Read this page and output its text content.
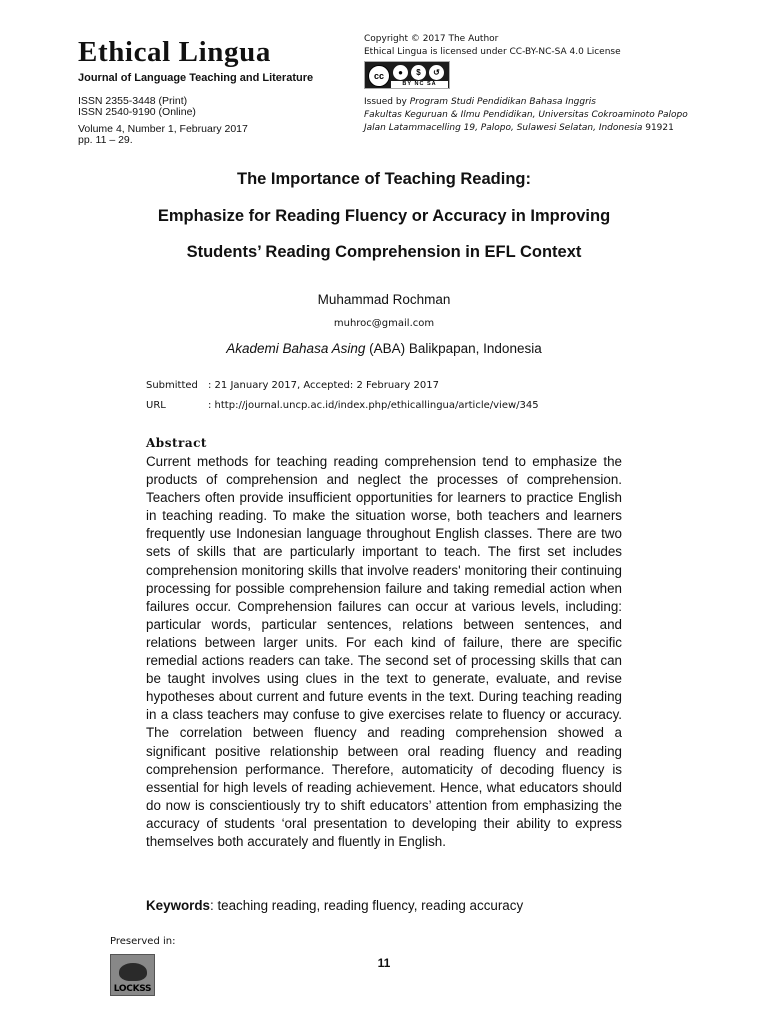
Ethical Lingua
Journal of Language Teaching and Literature
ISSN 2355-3448 (Print)
ISSN 2540-9190 (Online)
Volume 4, Number 1, February 2017
pp. 11 – 29.
Copyright © 2017 The Author
Ethical Lingua is licensed under CC-BY-NC-SA 4.0 License
cc	●	$	↺
BY NC SA
Issued by Program Studi Pendidikan Bahasa Inggris
Fakultas Keguruan & Ilmu Pendidikan, Universitas Cokroaminoto Palopo
Jalan Latammacelling 19, Palopo, Sulawesi Selatan, Indonesia 91921
The Importance of Teaching Reading:
Emphasize for Reading Fluency or Accuracy in Improving
Students’ Reading Comprehension in EFL Context
Muhammad Rochman
muhroc@gmail.com
Akademi Bahasa Asing (ABA) Balikpapan, Indonesia
Submitted : 21 January 2017, Accepted: 2 February 2017
URL	: http://journal.uncp.ac.id/index.php/ethicallingua/article/view/345
Abstract
Current methods for teaching reading comprehension tend to emphasize the products of comprehension and neglect the processes of comprehension. Teachers often provide insufficient opportunities for learners to practice English in teaching reading. To make the situation worse, both teachers and learners frequently use Indonesian language throughout English classes. There are two sets of skills that are particularly important to teach. The first set includes comprehension monitoring skills that involve readers' monitoring their continuing processing for possible comprehension failure and taking remedial action when failures occur. Comprehension failures can occur at various levels, including: particular words, particular sentences, relations between sentences, and relations between larger units. For each kind of failure, there are specific remedial actions readers can take. The second set of processing skills that can be taught involves using clues in the text to generate, evaluate, and revise hypotheses about current and future events in the text. During teaching reading in a class teachers may confuse to give exercises relate to fluency or accuracy. The correlation between fluency and reading comprehension showed a significant positive relationship between oral reading fluency and reading comprehension performance. Therefore, automaticity of decoding fluency is essential for high levels of reading achievement. Hence, what educators should do now is conscientiously try to shift educators’ attention from emphasizing the accuracy of students ‘oral presentation to developing their ability to express themselves both accurately and fluently in English.
Keywords: teaching reading, reading fluency, reading accuracy
Preserved in:
LOCKSS
11
